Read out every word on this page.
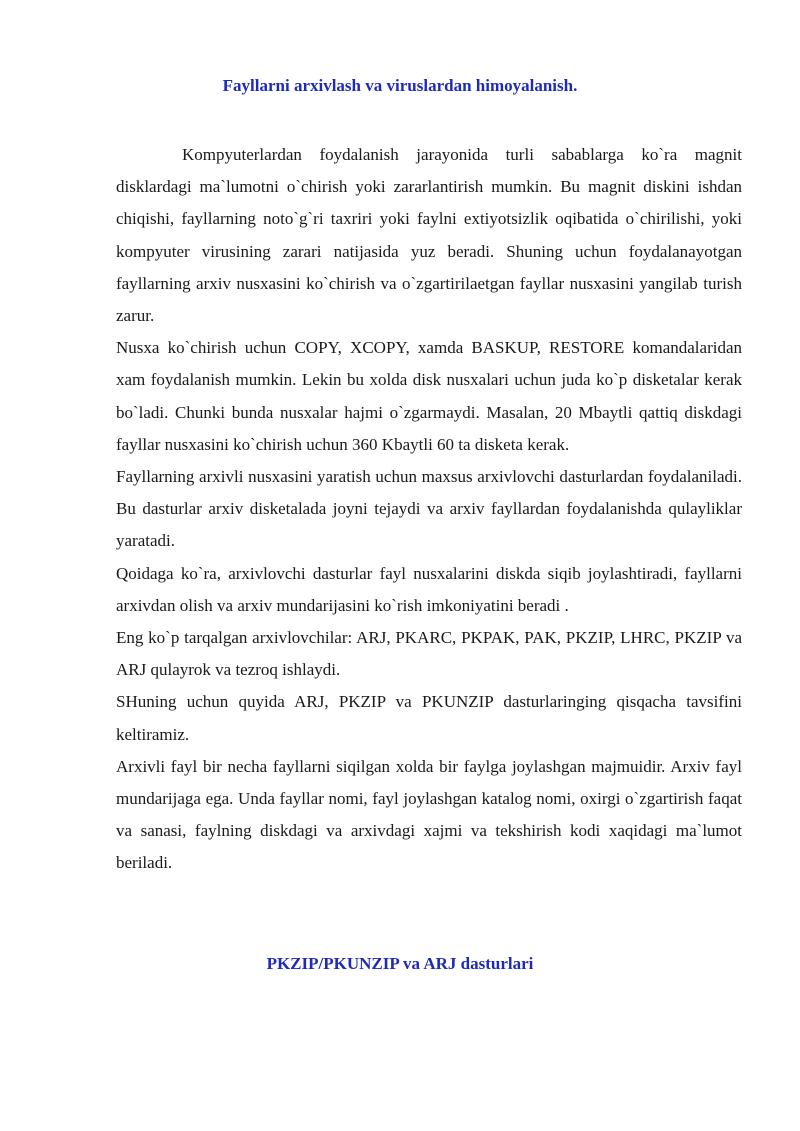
Fayllarni arxivlash va viruslardan himoyalanish.

Kompyuterlardan foydalanish jarayonida turli sabablarga ko`ra magnit disklardagi ma`lumotni o`chirish yoki zararlantirish mumkin. Bu magnit diskini ishdan chiqishi, fayllarning noto`g`ri taxriri yoki faylni extiyotsizlik oqibatida o`chirilishi, yoki kompyuter virusining zarari natijasida yuz beradi. Shuning uchun foydalanayotgan fayllarning arxiv nusxasini ko`chirish va o`zgartirilaetgan fayllar nusxasini yangilab turish zarur.

Nusxa ko`chirish uchun COPY, XCOPY, xamda BASKUP, RESTORE komandalaridan xam foydalanish mumkin. Lekin bu xolda disk nusxalari uchun juda ko`p disketalar kerak bo`ladi. Chunki bunda nusxalar hajmi o`zgarmaydi. Masalan, 20 Mbaytli qattiq diskdagi fayllar nusxasini ko`chirish uchun 360 Kbaytli 60 ta disketa kerak.

Fayllarning arxivli nusxasini yaratish uchun maxsus arxivlovchi dasturlardan foydalaniladi. Bu dasturlar arxiv disketalada joyni tejaydi va arxiv fayllardan foydalanishda qulayliklar yaratadi.

Qoidaga ko`ra, arxivlovchi dasturlar fayl nusxalarini diskda siqib joylashtiradi, fayllarni arxivdan olish va arxiv mundarijasini ko`rish imkoniyatini beradi .

Eng ko`p tarqalgan arxivlovchilar: ARJ, PKARC, PKPAK, PAK, PKZIP, LHRC, PKZIP va ARJ qulayrok va tezroq ishlaydi.

SHuning uchun quyida ARJ, PKZIP va PKUNZIP dasturlaringing qisqacha tavsifini keltiramiz.

Arxivli fayl bir necha fayllarni siqilgan xolda bir faylga joylashgan majmuidir. Arxiv fayl mundarijaga ega. Unda fayllar nomi, fayl joylashgan katalog nomi, oxirgi o`zgartirish faqat va sanasi, faylning diskdagi va arxivdagi xajmi va tekshirish kodi xaqidagi ma`lumot beriladi.

PKZIP/PKUNZIP va ARJ dasturlari
